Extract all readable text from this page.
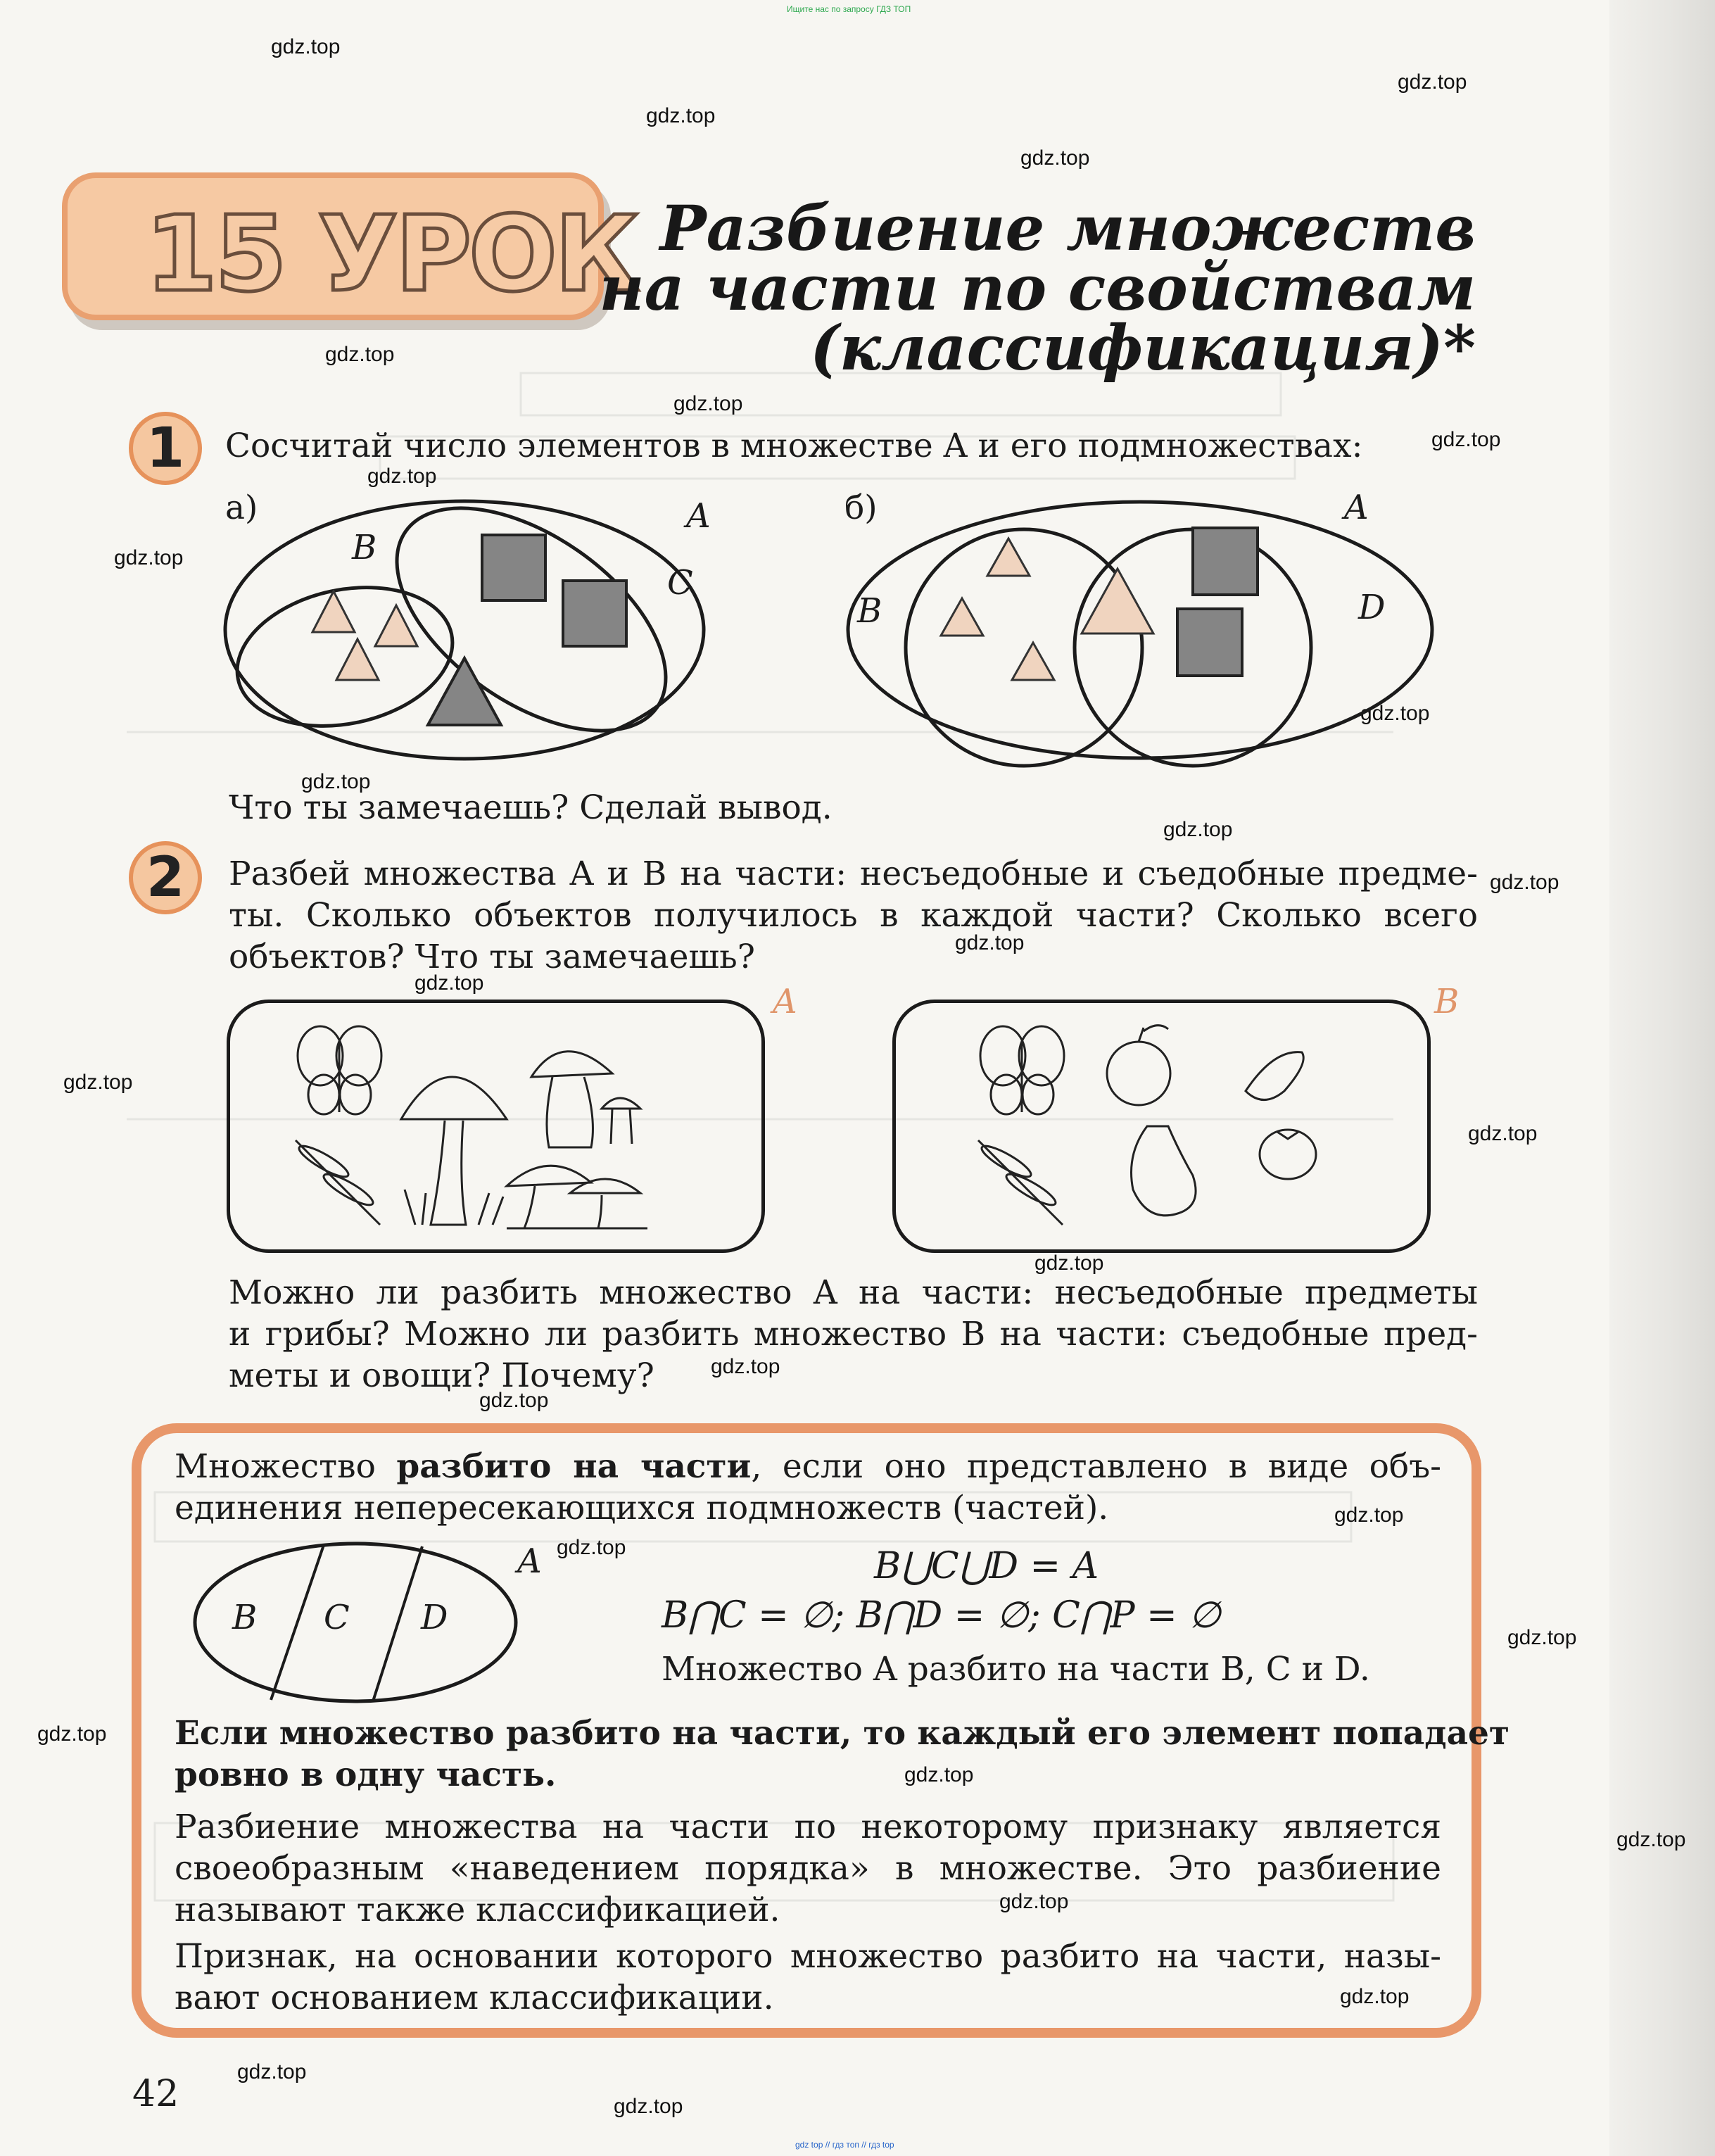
Ищите нас по запросу ГДЗ ТОП
gdz top // гдз топ // гдз top
gdz.top
gdz.top
gdz.top
gdz.top
gdz.top
gdz.top
gdz.top
gdz.top
gdz.top
gdz.top
gdz.top
gdz.top
gdz.top
gdz.top
gdz.top
gdz.top
gdz.top
gdz.top
gdz.top
gdz.top
gdz.top
gdz.top
gdz.top
gdz.top
gdz.top
gdz.top
gdz.top
gdz.top
gdz.top
gdz.top
15 УРОК Разбиение множеств
на части по свойствам
(классификация)*
1	Сосчитай число элементов в множестве A и его подмножествах:
а)	A
B
C
б)	A
B	D
Что ты замечаешь? Сделай вывод.
2	Разбей множества A и B на части: несъедобные и съедобные предме-
ты. Сколько объектов получилось в каждой части? Сколько всего
объектов? Что ты замечаешь?
A	B
Можно ли разбить множество A на части: несъедобные предметы
и грибы? Можно ли разбить множество B на части: съедобные пред-
меты и овощи? Почему?
Множество разбито на части, если оно представлено в виде объ-
единения непересекающихся подмножеств (частей).
A
B C D
B⋃C⋃D = A
B⋂C = ∅; B⋂D = ∅; C⋂P = ∅
Множество A разбито на части B, C и D.
Если множество разбито на части, то каждый его элемент попадает
ровно в одну часть.
Разбиение множества на части по некоторому признаку является
своеобразным «наведением порядка» в множестве. Это разбиение
называют также классификацией.
Признак, на основании которого множество разбито на части, назы-
вают основанием классификации.
42
